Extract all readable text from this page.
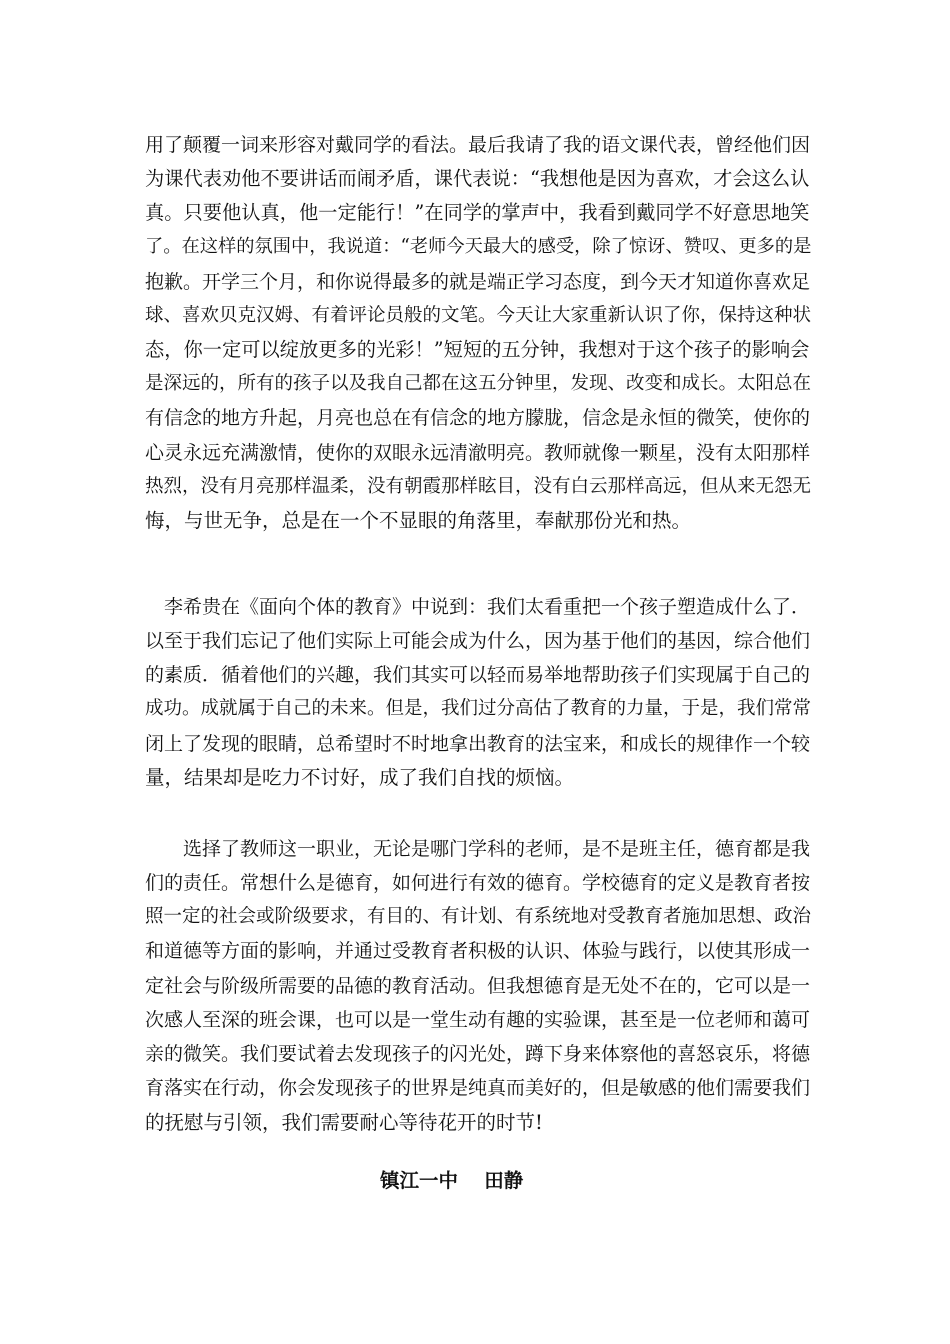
用了颠覆一词来形容对戴同学的看法。最后我请了我的语文课代表，曾经他们因
为课代表劝他不要讲话而闹矛盾，课代表说：“我想他是因为喜欢，才会这么认
真。只要他认真，他一定能行！”在同学的掌声中，我看到戴同学不好意思地笑
了。在这样的氛围中，我说道：“老师今天最大的感受，除了惊讶、赞叹、更多的是
抱歉。开学三个月，和你说得最多的就是端正学习态度，到今天才知道你喜欢足
球、喜欢贝克汉姆、有着评论员般的文笔。今天让大家重新认识了你，保持这种状
态，你一定可以绽放更多的光彩！”短短的五分钟，我想对于这个孩子的影响会
是深远的，所有的孩子以及我自己都在这五分钟里，发现、改变和成长。太阳总在
有信念的地方升起，月亮也总在有信念的地方朦胧，信念是永恒的微笑，使你的
心灵永远充满激情，使你的双眼永远清澈明亮。教师就像一颗星，没有太阳那样
热烈，没有月亮那样温柔，没有朝霞那样眩目，没有白云那样高远，但从来无怨无
悔，与世无争，总是在一个不显眼的角落里，奉献那份光和热。
　李希贵在《面向个体的教育》中说到：我们太看重把一个孩子塑造成什么了．
以至于我们忘记了他们实际上可能会成为什么，因为基于他们的基因，综合他们
的素质．循着他们的兴趣，我们其实可以轻而易举地帮助孩子们实现属于自己的
成功。成就属于自己的未来。但是，我们过分高估了教育的力量，于是，我们常常
闭上了发现的眼睛，总希望时不时地拿出教育的法宝来，和成长的规律作一个较
量，结果却是吃力不讨好，成了我们自找的烦恼。
　　选择了教师这一职业，无论是哪门学科的老师，是不是班主任，德育都是我
们的责任。常想什么是德育，如何进行有效的德育。学校德育的定义是教育者按
照一定的社会或阶级要求，有目的、有计划、有系统地对受教育者施加思想、政治
和道德等方面的影响，并通过受教育者积极的认识、体验与践行，以使其形成一
定社会与阶级所需要的品德的教育活动。但我想德育是无处不在的，它可以是一
次感人至深的班会课，也可以是一堂生动有趣的实验课，甚至是一位老师和蔼可
亲的微笑。我们要试着去发现孩子的闪光处，蹲下身来体察他的喜怒哀乐，将德
育落实在行动，你会发现孩子的世界是纯真而美好的，但是敏感的他们需要我们
的抚慰与引领，我们需要耐心等待花开的时节!
镇江一中　 田静
